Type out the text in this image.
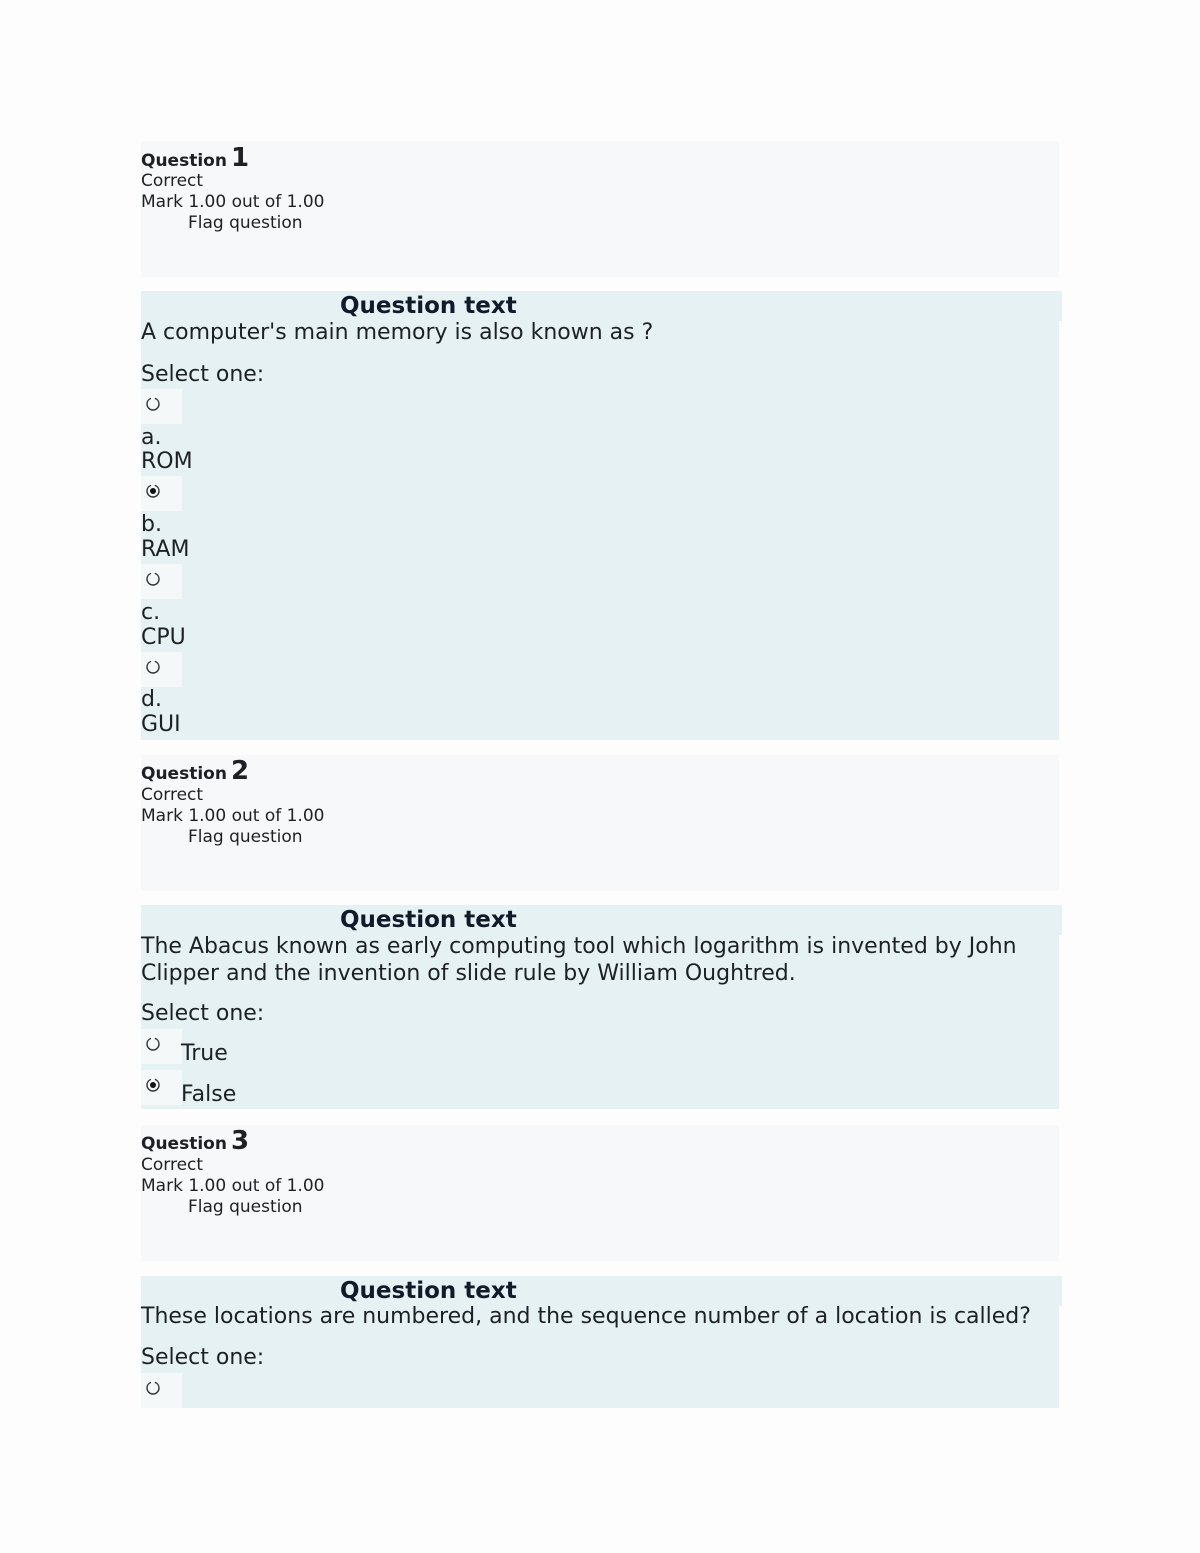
Question 1
Correct
Mark 1.00 out of 1.00
Flag question
Question text
A computer's main memory is also known as ?
Select one:
a.
ROM
b.
RAM
c.
CPU
d.
GUI
Question 2
Correct
Mark 1.00 out of 1.00
Flag question
Question text
The Abacus known as early computing tool which logarithm is invented by John
Clipper and the invention of slide rule by William Oughtred.
Select one:
True
False
Question 3
Correct
Mark 1.00 out of 1.00
Flag question
Question text
These locations are numbered, and the sequence number of a location is called?
Select one:
